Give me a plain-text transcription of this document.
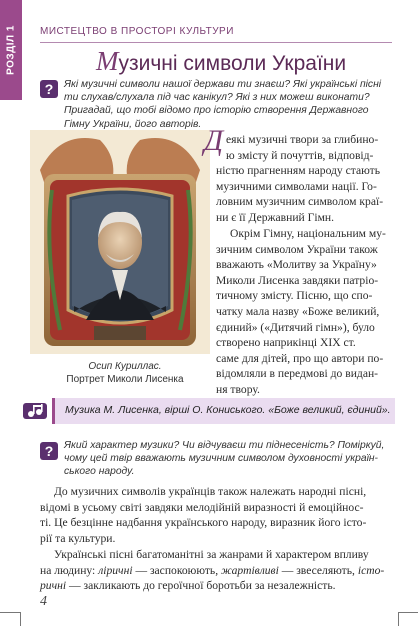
РОЗДІЛ 1 МИСТЕЦТВО В ПРОСТОРІ КУЛЬТУРИ
Музичні символи України
?	Які музичні символи нашої держави ти знаєш? Які українські пісні
ти слухав/слухала під час канікул? Які з них можеш виконати?
Пригадай, що тобі відомо про історію створення Державного
Гімну України, його авторів.
Осип Куриллас.
Портрет Миколи Лисенка
Д еякі музичні твори за глибино-
ю змісту й почуттів, відповід-
ністю прагненням народу стають
музичними символами нації. Го-
ловним музичним символом краї-
ни є її Державний Гімн.
Окрім Гімну, національним му-
зичним символом України також
вважають «Молитву за Україну»
Миколи Лисенка завдяки патріо-
тичному змісту. Пісню, що спо-
чатку мала назву «Боже великий,
єдиний» («Дитячий гімн»), було
створено наприкінці XIX ст.
саме для дітей, про що автори по-
відомляли в передмові до видан-
ня твору.
Музика М. Лисенка, вірші О. Кониського. «Боже великий, єдиний».
?	Який характер музики? Чи відчуваєш ти піднесеність? Поміркуй,
чому цей твір вважають музичним символом духовності україн-
ського народу.
До музичних символів українців також належать народні пісні,
відомі в усьому світі завдяки мелодійній виразності й емоційнос-
ті. Це безцінне надбання українського народу, виразник його істо-
рії та культури.
Українські пісні багатоманітні за жанрами й характером впливу
на людину: ліричні — заспокоюють, жартівливі — звеселяють, істо-
ричні — закликають до героїчної боротьби за незалежність.
4
